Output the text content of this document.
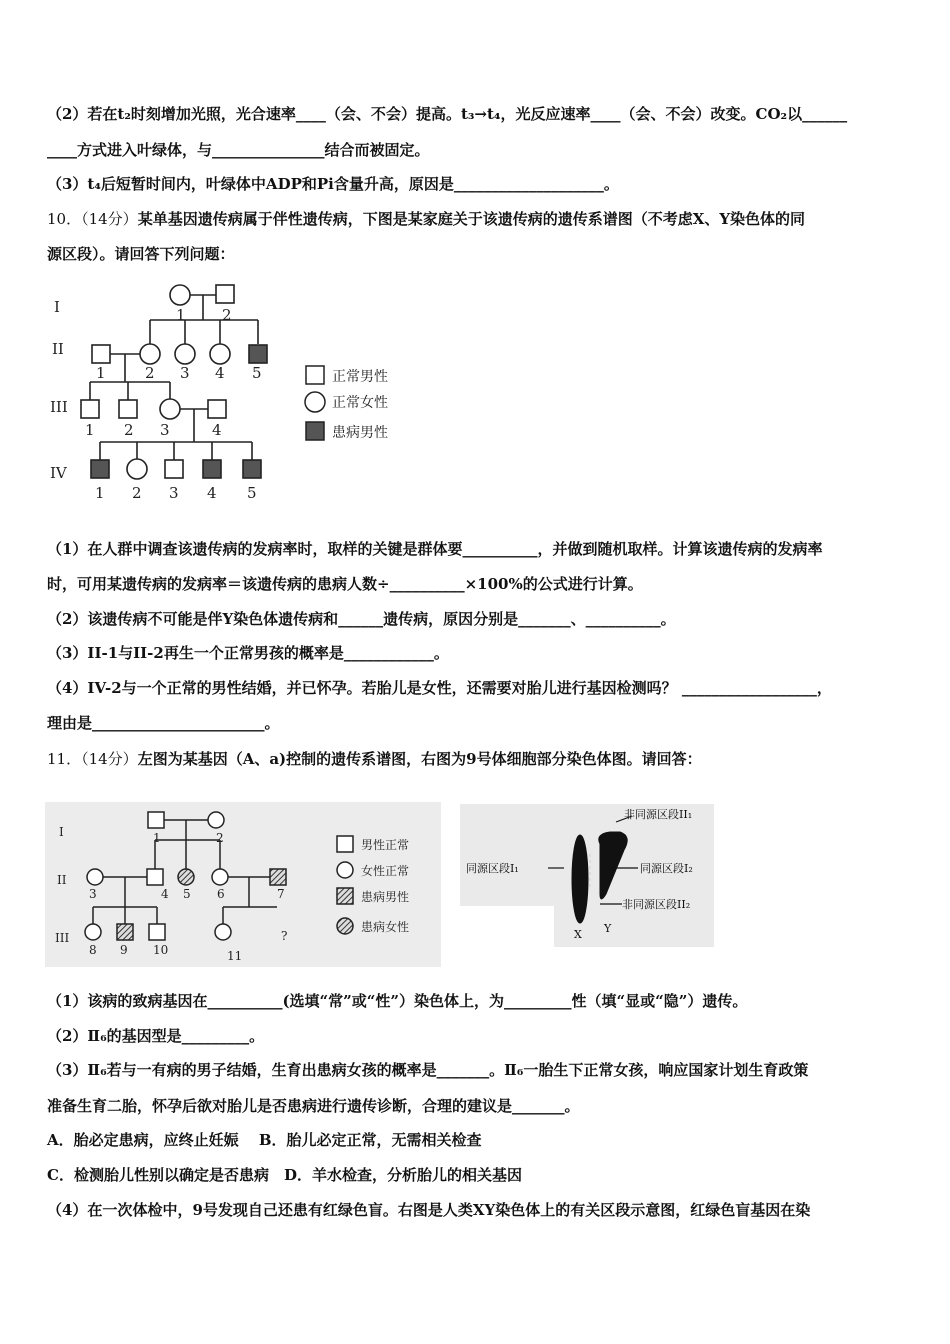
（2）若在t₂时刻增加光照，光合速率____（会、不会）提高。t₃→t₄，光反应速率____（会、不会）改变。CO₂以______
____方式进入叶绿体，与_______________结合而被固定。
（3）t₄后短暂时间内，叶绿体中ADP和Pi含量升高，原因是____________________。
10．（14分）某单基因遗传病属于伴性遗传病，下图是某家庭关于该遗传病的遗传系谱图（不考虑X、Y染色体的同
源区段）。请回答下列问题：
I
II
III
IV
1 2
1	2 3 4 5
1 2 3	4
1 2 3 4 5
正常男性
正常女性
患病男性
（1）在人群中调查该遗传病的发病率时，取样的关键是群体要__________，并做到随机取样。计算该遗传病的发病率
时，可用某遗传病的发病率＝该遗传病的患病人数÷__________×100%的公式进行计算。
（2）该遗传病不可能是伴Y染色体遗传病和______遗传病，原因分别是_______、__________。
（3）II-1与II-2再生一个正常男孩的概率是____________。
（4）IV-2与一个正常的男性结婚，并已怀孕。若胎儿是女性，还需要对胎儿进行基因检测吗？ __________________，
理由是_______________________。
11．（14分）左图为某基因（A、a)控制的遗传系谱图，右图为9号体细胞部分染色体图。请回答：
I
II
III
1	2
3	4 5 6	7
8 9 10	11
?
男性正常
女性正常
患病男性
患病女性
同源区段I₁
非同源区段II₁
同源区段I₂
非同源区段II₂
X Y
（1）该病的致病基因在__________(选填“常”或“性”）染色体上，为_________性（填“显或“隐”）遗传。
（2）Ⅱ₆的基因型是_________。
（3）Ⅱ₆若与一有病的男子结婚，生育出患病女孩的概率是_______。Ⅱ₆一胎生下正常女孩，响应国家计划生育政策
准备生育二胎，怀孕后欲对胎儿是否患病进行遗传诊断，合理的建议是_______。
A．胎必定患病，应终止妊娠　 B．胎儿必定正常，无需相关检查
C．检测胎儿性别以确定是否患病　D．羊水检查，分析胎儿的相关基因
（4）在一次体检中，9号发现自己还患有红绿色盲。右图是人类XY染色体上的有关区段示意图，红绿色盲基因在染
